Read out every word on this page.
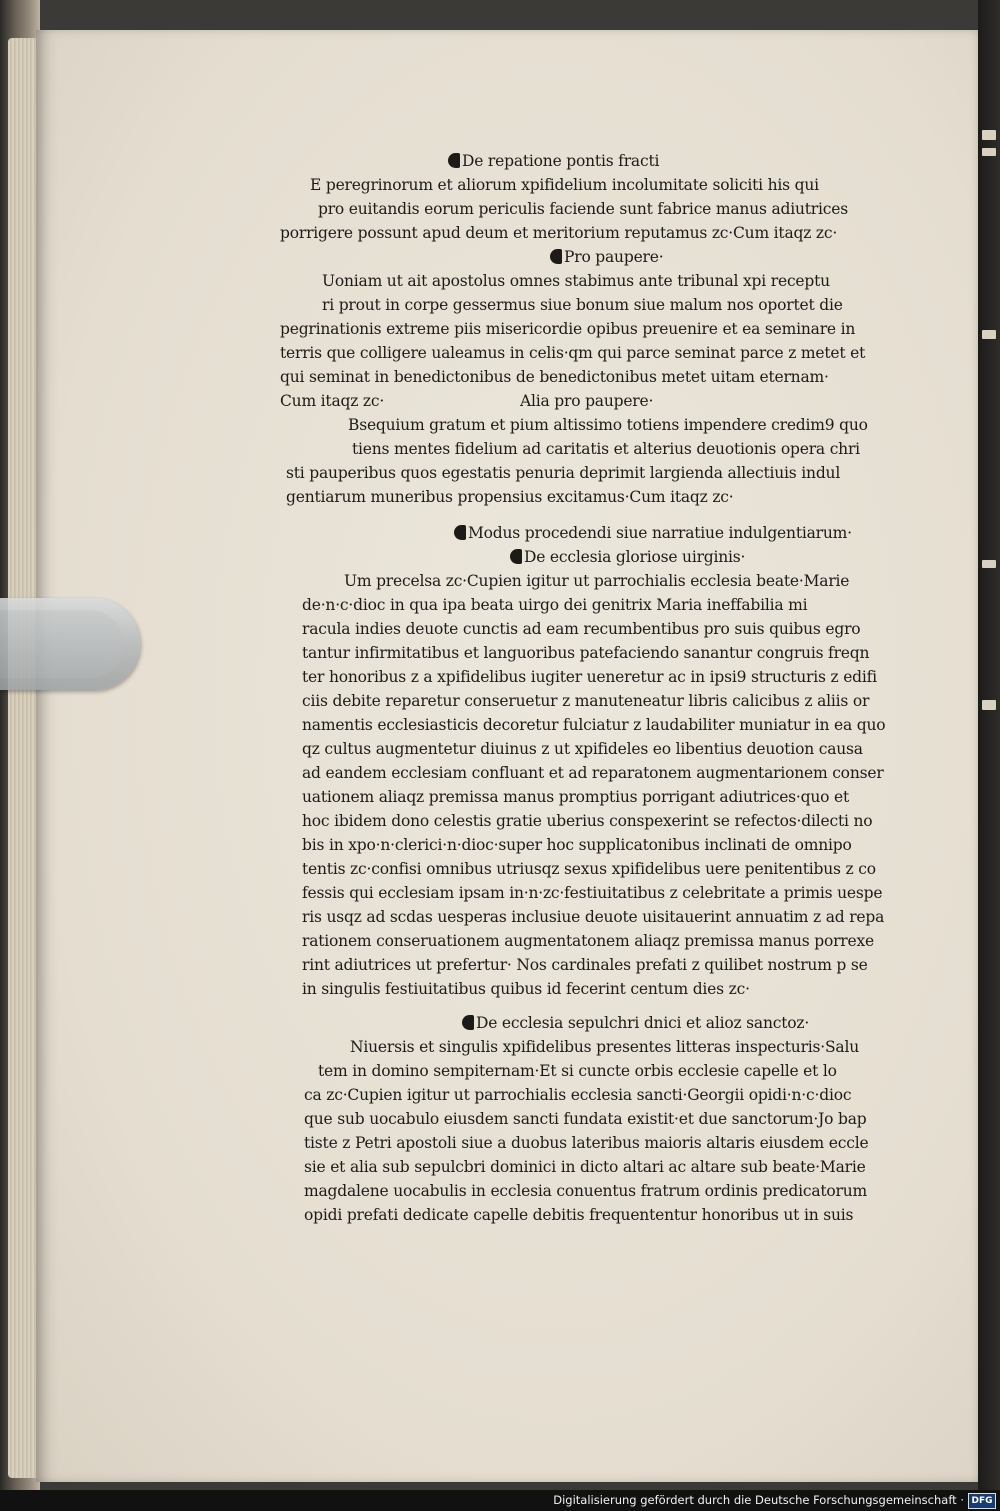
De repatione pontis fracti
E peregrinorum et aliorum xpifidelium incolumitate soliciti his qui
pro euitandis eorum periculis faciende sunt fabrice manus adiutrices
porrigere possunt apud deum et meritorium reputamus zc·Cum itaqz zc·
Pro paupere·
Uoniam ut ait apostolus omnes stabimus ante tribunal xpi receptu
ri prout in corpe gessermus siue bonum siue malum nos oportet die
pegrinationis extreme piis misericordie opibus preuenire et ea seminare in
terris que colligere ualeamus in celis·qm qui parce seminat parce z metet et
qui seminat in benedictonibus de benedictonibus metet uitam eternam·
Cum itaqz zc·	Alia pro paupere·
Bsequium gratum et pium altissimo totiens impendere credim9 quo
tiens mentes fidelium ad caritatis et alterius deuotionis opera chri
sti pauperibus quos egestatis penuria deprimit largienda allectiuis indul
gentiarum muneribus propensius excitamus·Cum itaqz zc·
Modus procedendi siue narratiue indulgentiarum·
De ecclesia gloriose uirginis·
Um precelsa zc·Cupien igitur ut parrochialis ecclesia beate·Marie
de·n·c·dioc in qua ipa beata uirgo dei genitrix Maria ineffabilia mi
racula indies deuote cunctis ad eam recumbentibus pro suis quibus egro
tantur infirmitatibus et languoribus patefaciendo sanantur congruis freqn
ter honoribus z a xpifidelibus iugiter ueneretur ac in ipsi9 structuris z edifi
ciis debite reparetur conseruetur z manuteneatur libris calicibus z aliis or
namentis ecclesiasticis decoretur fulciatur z laudabiliter muniatur in ea quo
qz cultus augmentetur diuinus z ut xpifideles eo libentius deuotion causa
ad eandem ecclesiam confluant et ad reparatonem augmentarionem conser
uationem aliaqz premissa manus promptius porrigant adiutrices·quo et
hoc ibidem dono celestis gratie uberius conspexerint se refectos·dilecti no
bis in xpo·n·clerici·n·dioc·super hoc supplicatonibus inclinati de omnipo
tentis zc·confisi omnibus utriusqz sexus xpifidelibus uere penitentibus z co
fessis qui ecclesiam ipsam in·n·zc·festiuitatibus z celebritate a primis uespe
ris usqz ad scdas uesperas inclusiue deuote uisitauerint annuatim z ad repa
rationem conseruationem augmentatonem aliaqz premissa manus porrexe
rint adiutrices ut prefertur· Nos cardinales prefati z quilibet nostrum p se
in singulis festiuitatibus quibus id fecerint centum dies zc·
De ecclesia sepulchri dnici et alioz sanctoz·
Niuersis et singulis xpifidelibus presentes litteras inspecturis·Salu
tem in domino sempiternam·Et si cuncte orbis ecclesie capelle et lo
ca zc·Cupien igitur ut parrochialis ecclesia sancti·Georgii opidi·n·c·dioc
que sub uocabulo eiusdem sancti fundata existit·et due sanctorum·Jo bap
tiste z Petri apostoli siue a duobus lateribus maioris altaris eiusdem eccle
sie et alia sub sepulcbri dominici in dicto altari ac altare sub beate·Marie
magdalene uocabulis in ecclesia conuentus fratrum ordinis predicatorum
opidi prefati dedicate capelle debitis frequententur honoribus ut in suis
Digitalisierung gefördert durch die Deutsche Forschungsgemeinschaft · DFG
